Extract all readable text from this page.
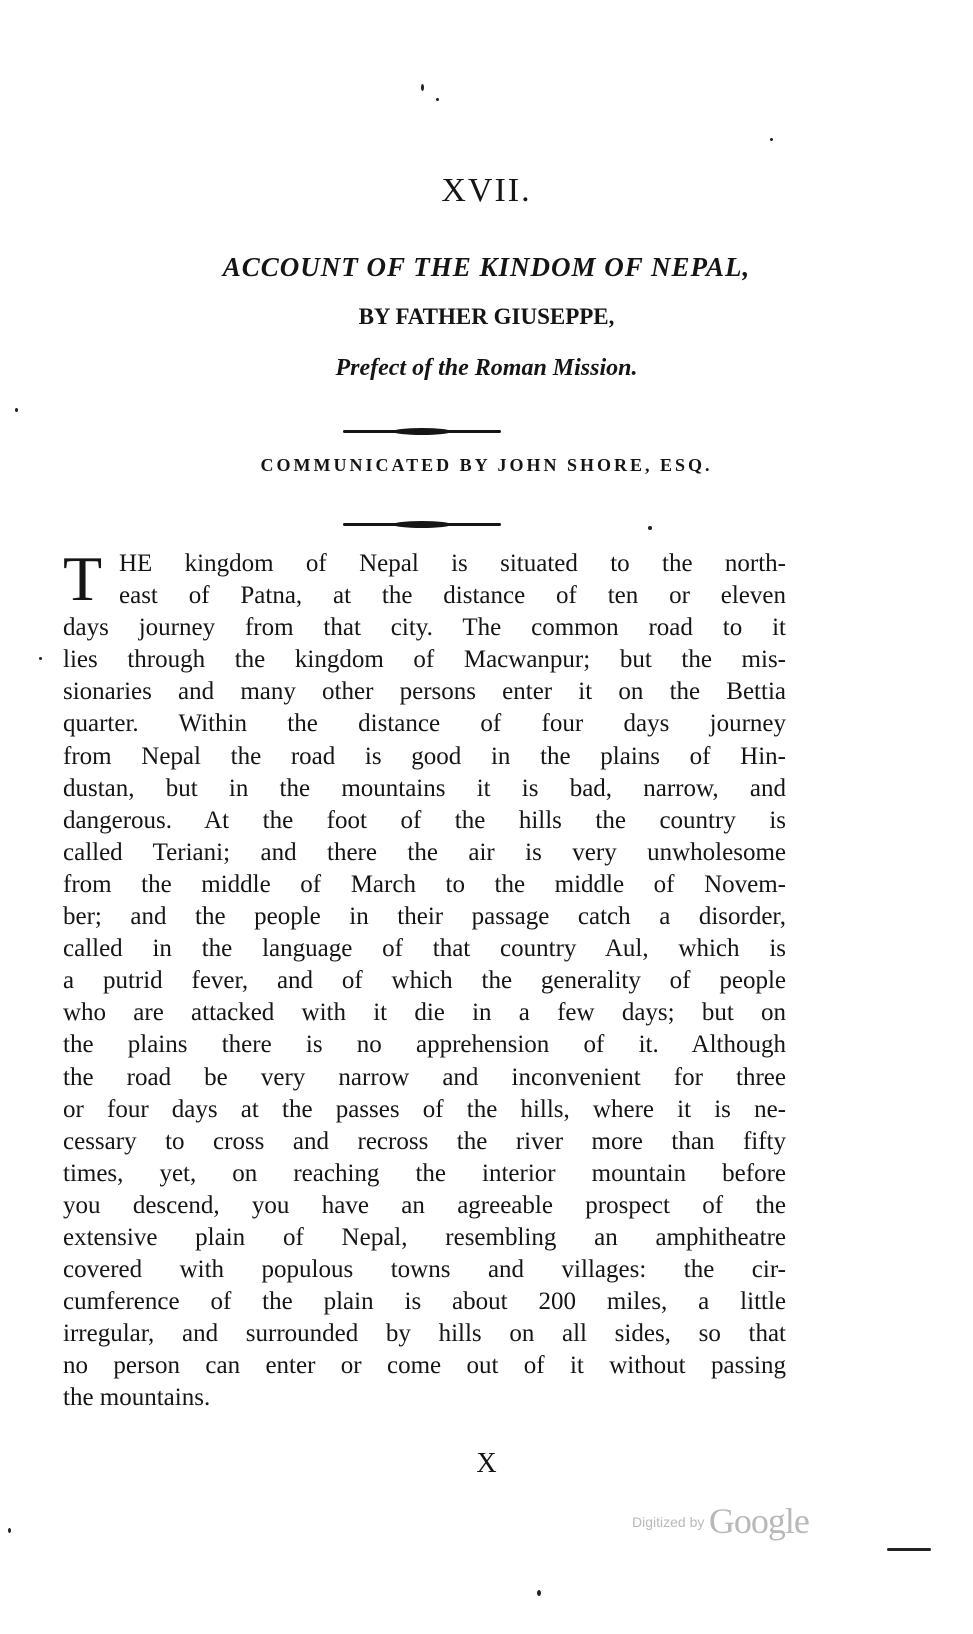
XVII.
ACCOUNT OF THE KINDOM OF NEPAL,
BY FATHER GIUSEPPE,
Prefect of the Roman Mission.
COMMUNICATED BY JOHN SHORE, ESQ.
T HE kingdom of Nepal is situated to the north-
east of Patna, at the distance of ten or eleven
days journey from that city. The common road to it
lies through the kingdom of Macwanpur; but the mis-
sionaries and many other persons enter it on the Bettia
quarter. Within the distance of four days journey
from Nepal the road is good in the plains of Hin-
dustan, but in the mountains it is bad, narrow, and
dangerous. At the foot of the hills the country is
called Teriani; and there the air is very unwholesome
from the middle of March to the middle of Novem-
ber; and the people in their passage catch a disorder,
called in the language of that country Aul, which is
a putrid fever, and of which the generality of people
who are attacked with it die in a few days; but on
the plains there is no apprehension of it. Although
the road be very narrow and inconvenient for three
or four days at the passes of the hills, where it is ne-
cessary to cross and recross the river more than fifty
times, yet, on reaching the interior mountain before
you descend, you have an agreeable prospect of the
extensive plain of Nepal, resembling an amphitheatre
covered with populous towns and villages: the cir-
cumference of the plain is about 200 miles, a little
irregular, and surrounded by hills on all sides, so that
no person can enter or come out of it without passing
the mountains.
X
Digitized by Google
